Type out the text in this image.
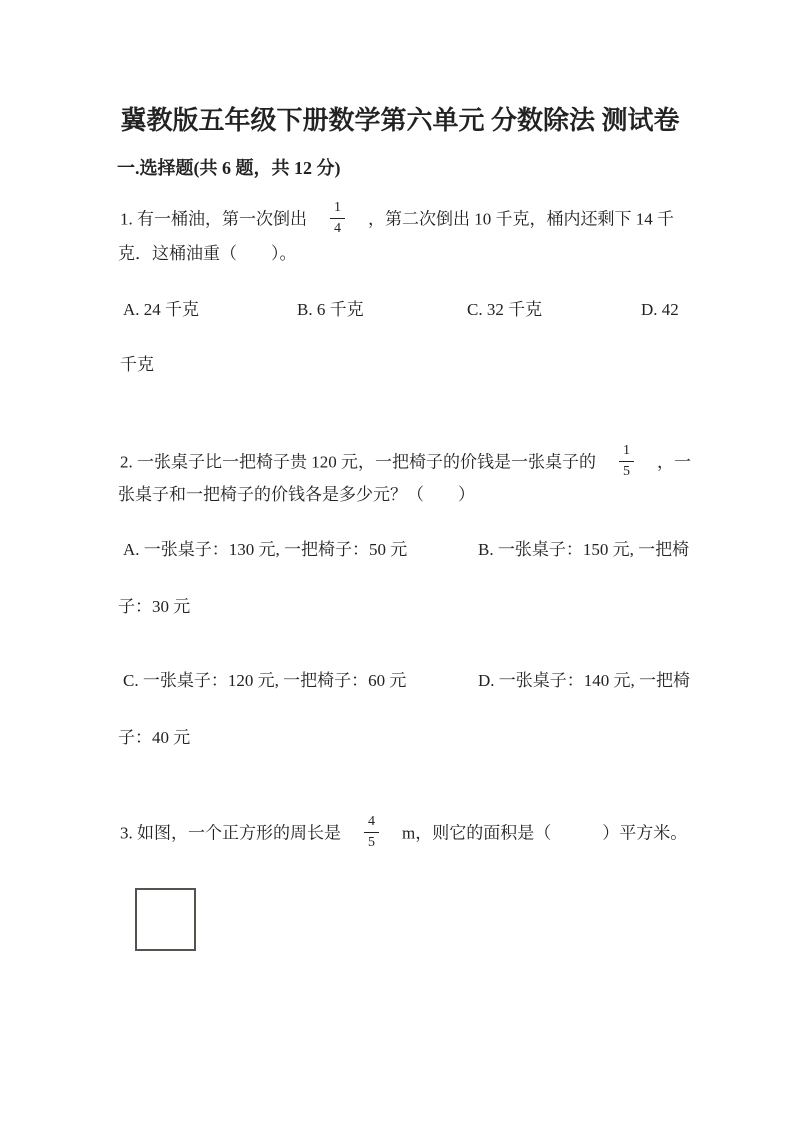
冀教版五年级下册数学第六单元 分数除法 测试卷
一.选择题(共 6 题，共 12 分)
1. 有一桶油，第一次倒出 $\frac{1}{4}$ ，第二次倒出 10 千克，桶内还剩下 14 千
克．这桶油重（　　）。
A. 24 千克	B. 6 千克	C. 32 千克	D. 42
千克
2. 一张桌子比一把椅子贵 120 元，一把椅子的价钱是一张桌子的 $\frac{1}{5}$ ，一
张桌子和一把椅子的价钱各是多少元？（　　）
A. 一张桌子：130 元, 一把椅子：50 元	B. 一张桌子：150 元, 一把椅
子：30 元
C. 一张桌子：120 元, 一把椅子：60 元	D. 一张桌子：140 元, 一把椅
子：40 元
3. 如图，一个正方形的周长是 $\frac{4}{5}$ m，则它的面积是（　　　）平方米。
